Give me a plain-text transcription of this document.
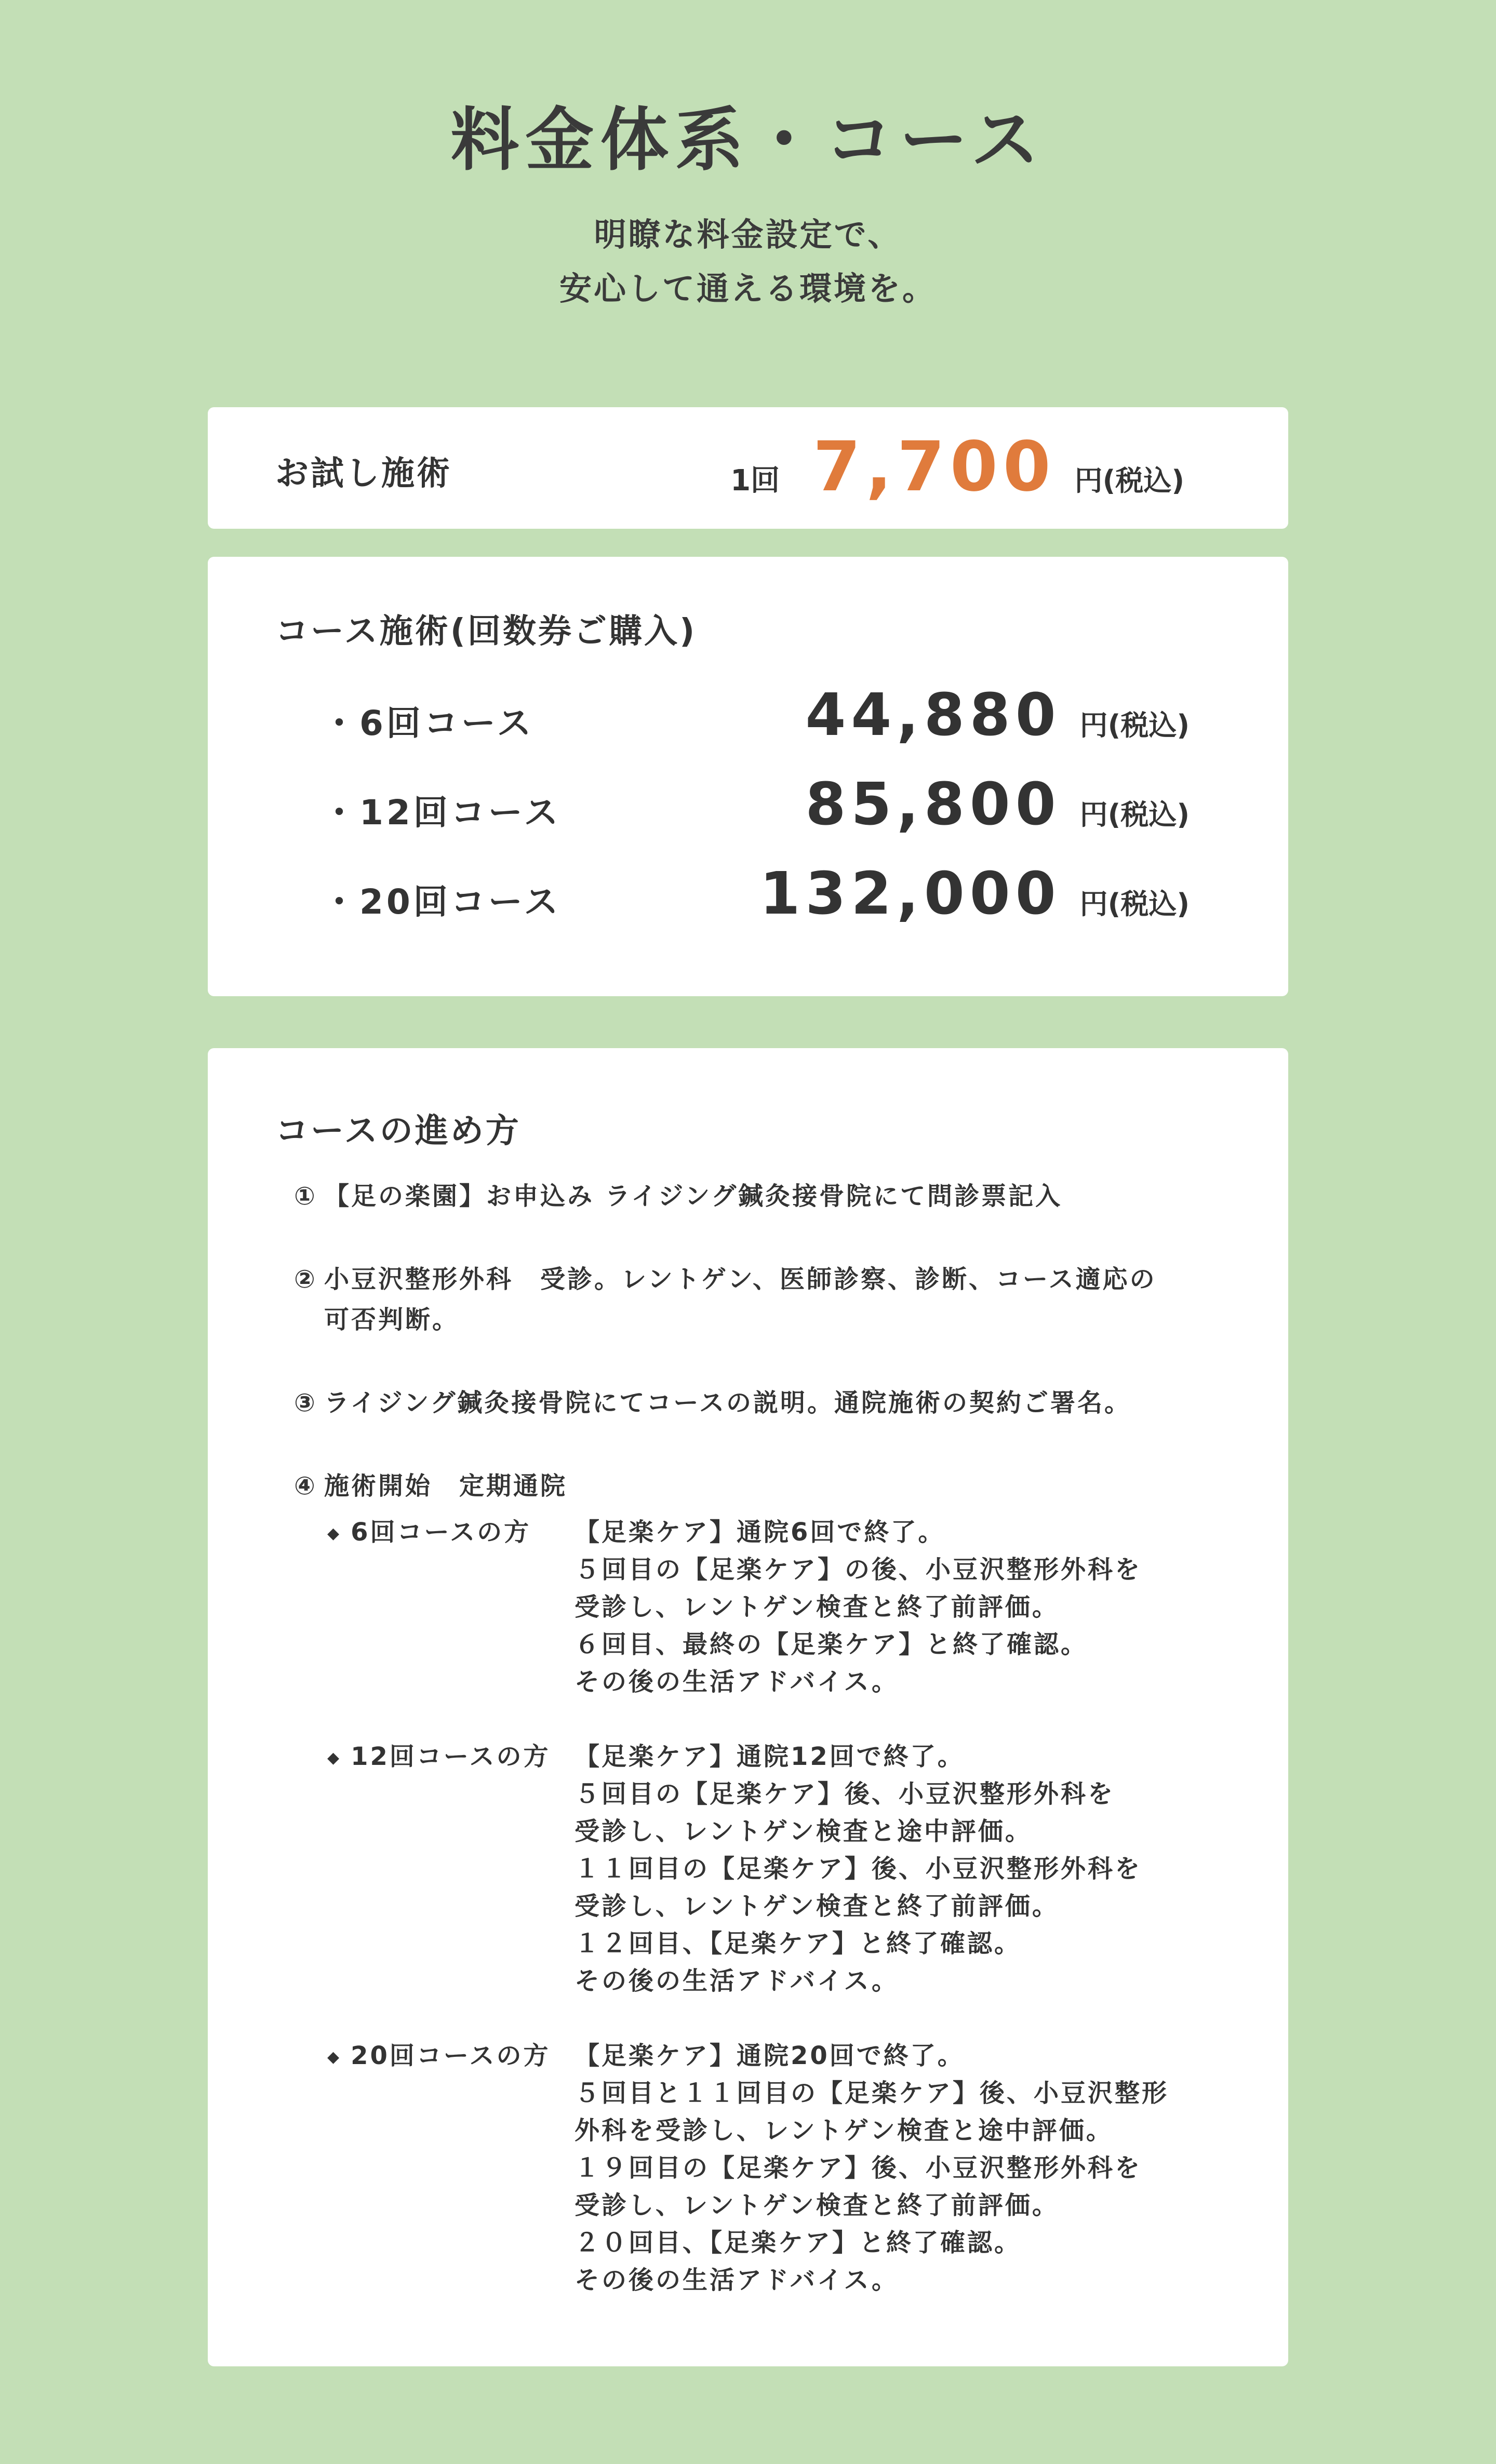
料金体系・コース
明瞭な料金設定で、
安心して通える環境を。
お試し施術	1回 7,700 円(税込)
コース施術(回数券ご購入)
・6回コース	44,880 円(税込)
・12回コース	85,800 円(税込)
・20回コース	132,000 円(税込)
コースの進め方
① 【足の楽園】お申込み ライジング鍼灸接骨院にて問診票記入
② 小豆沢整形外科　受診。レントゲン、医師診察、診断、コース適応の
可否判断。
③ ライジング鍼灸接骨院にてコースの説明。通院施術の契約ご署名。
④ 施術開始　定期通院
◆ 6回コースの方	【足楽ケア】通院6回で終了。
５回目の【足楽ケア】の後、小豆沢整形外科を
受診し、レントゲン検査と終了前評価。
６回目、最終の【足楽ケア】と終了確認。
その後の生活アドバイス。
◆ 12回コースの方 【足楽ケア】通院12回で終了。
５回目の【足楽ケア】後、小豆沢整形外科を
受診し、レントゲン検査と途中評価。
１１回目の【足楽ケア】後、小豆沢整形外科を
受診し、レントゲン検査と終了前評価。
１２回目、【足楽ケア】と終了確認。
その後の生活アドバイス。
◆ 20回コースの方 【足楽ケア】通院20回で終了。
５回目と１１回目の【足楽ケア】後、小豆沢整形
外科を受診し、レントゲン検査と途中評価。
１９回目の【足楽ケア】後、小豆沢整形外科を
受診し、レントゲン検査と終了前評価。
２０回目、【足楽ケア】と終了確認。
その後の生活アドバイス。
